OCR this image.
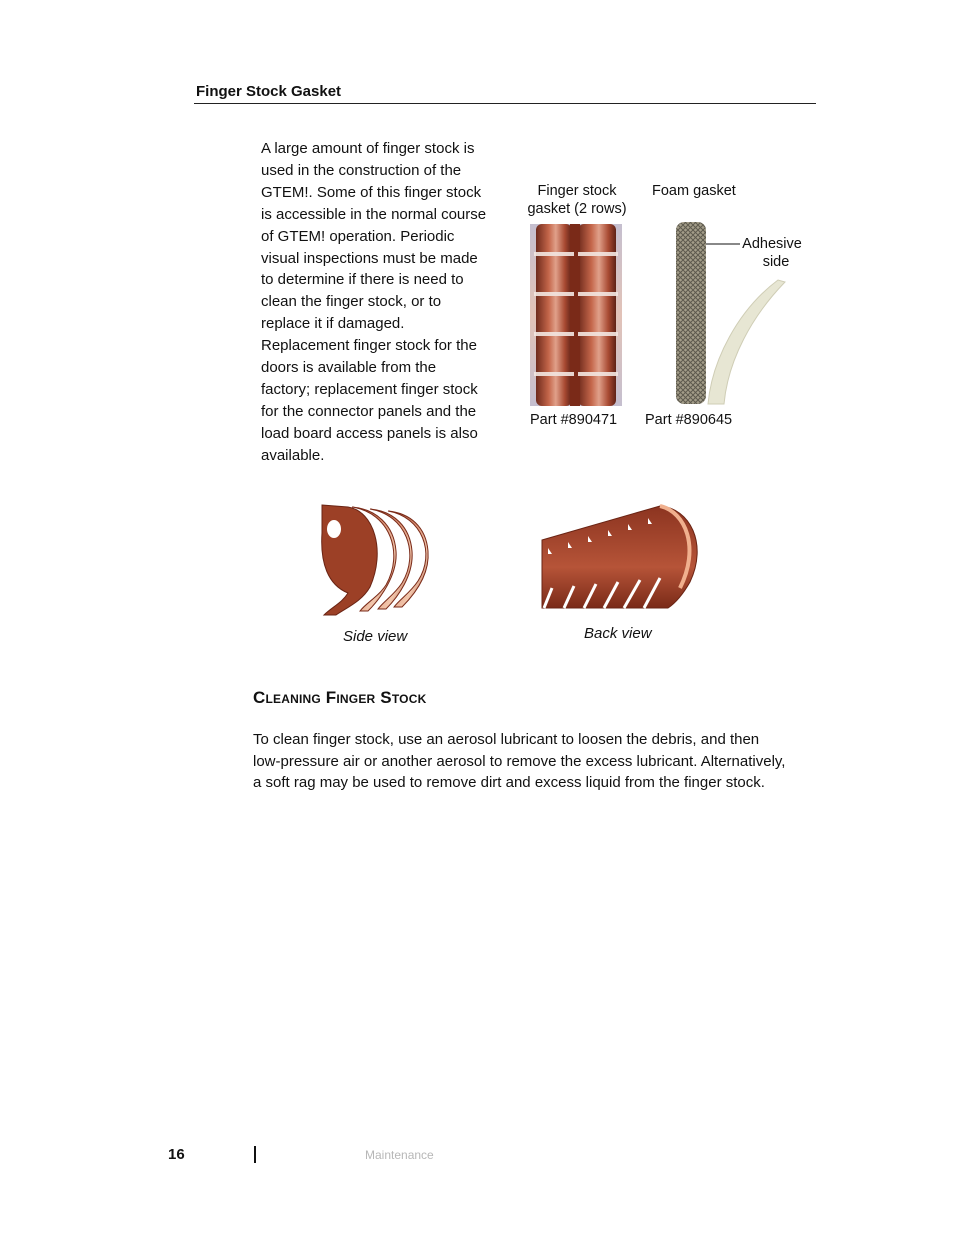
Finger Stock Gasket
A large amount of finger stock is
used in the construction of the
GTEM!. Some of this finger stock
is accessible in the normal course
of GTEM! operation. Periodic
visual inspections must be made
to determine if there is need to
clean the finger stock, or to
replace it if damaged.
Replacement finger stock for the
doors is available from the
factory; replacement finger stock
for the connector panels and the
load board access panels is also
available.
Finger stock
gasket (2 rows)
Foam gasket
Adhesive
side
Part #890471 Part #890645
Side view	Back view
Cleaning Finger Stock
To clean finger stock, use an aerosol lubricant to loosen the debris, and then
low-pressure air or another aerosol to remove the excess lubricant. Alternatively,
a soft rag may be used to remove dirt and excess liquid from the finger stock.
16	Maintenance
